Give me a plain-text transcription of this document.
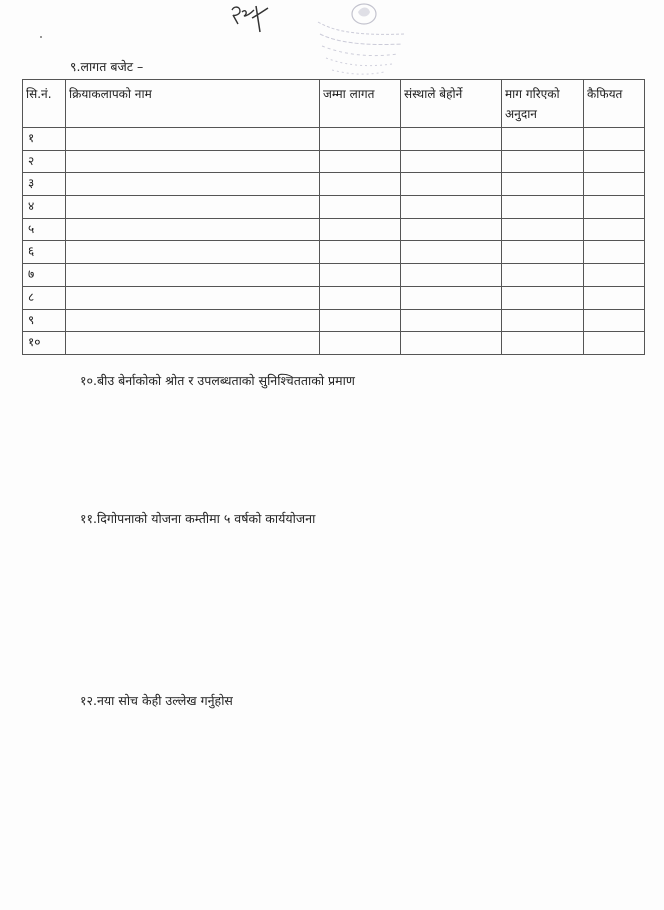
९.लागत बजेट –
सि.नं.	क्रियाकलापको नाम	जम्मा लागत	संस्थाले बेहोर्ने	माग गरिएको अनुदान	कैफियत
१					
२					
३					
४					
५					
६					
७					
८					
९					
१०					
१०.बीउ बेर्नाकोको श्रोत र उपलब्धताको सुनिश्चितताको प्रमाण
११.दिगोपनाको योजना कम्तीमा ५ वर्षको कार्ययोजना
१२.नया सोच केही उल्लेख गर्नुहोस
